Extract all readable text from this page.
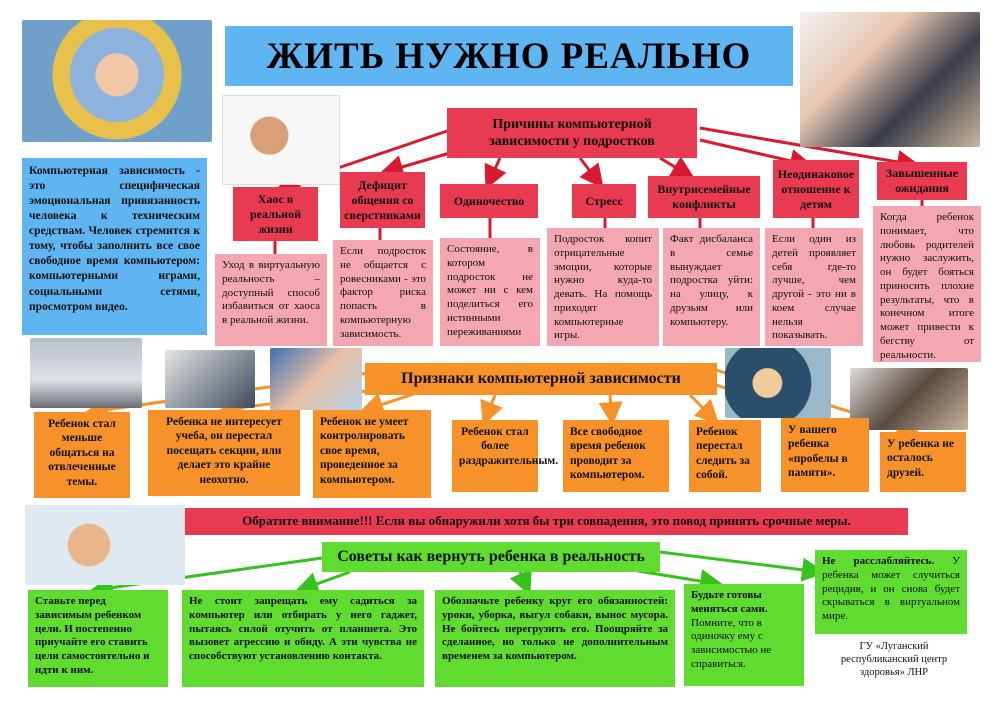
ЖИТЬ НУЖНО РЕАЛЬНО
Компьютерная зависимость - это специфическая эмоциональная привязанность человека к техническим средствам. Человек стремится к тому, чтобы заполнить все свое свободное время компьютером: компьютерными играми, социальными сетями, просмотром видео.
Причины компьютерной зависимости у подростков
Хаос в реальной жизни
Дефицит общения со сверстниками
Одиночество	Стресс
Внутрисемейные конфликты
Неодинаковое отношение к детям
Завышенные ожидания
Уход в виртуальную реальность – доступный способ избавиться от хаоса в реальной жизни.
Если подросток не общается с ровесниками - это фактор риска попасть в компьютерную зависимость.
Состояние, в котором подросток не может ни с кем поделиться его истинными переживаниями
Подросток копит отрицательные эмоции, которые нужно куда-то девать. На помощь приходят компьютерные игры.
Факт дисбаланса в семье вынуждает подростка уйти: на улицу, к друзьям или компьютеру.
Если один из детей проявляет себя где-то лучше, чем другой - это ни в коем случае нельзя показывать.
Когда ребенок понимает, что любовь родителей нужно заслужить, он будет бояться приносить плохие результаты, что в конечном итоге может привести к бегству от реальности.
Признаки компьютерной зависимости
Ребенок стал меньше общаться на отвлеченные темы.
Ребенка не интересует учеба, он перестал посещать секции, или делает это крайне неохотно.
Ребенок не умеет контролировать свое время, проведенное за компьютером.
Ребенок стал более раздражительным.
Все свободное время ребенок проводит за компьютером.
Ребенок перестал следить за собой.
У вашего ребенка «пробелы в памяти».
У ребенка не осталось друзей.
Обратите внимание!!! Если вы обнаружили хотя бы три совпадения, это повод принять срочные меры.
Советы как вернуть ребенка в реальность
Ставьте перед зависимым ребенком цели. И постепенно приучайте его ставить цели самостоятельно и идти к ним.
Не стоит запрещать ему садиться за компьютер или отбирать у него гаджет, пытаясь силой отучить от планшета. Это вызовет агрессию и обиду. А эти чувства не способствуют установлению контакта.
Обозначьте ребенку круг его обязанностей: уроки, уборка, выгул собаки, вынос мусора. Не бойтесь перегрузить его. Поощряйте за сделанное, но только не дополнительным временем за компьютером.
Будьте готовы меняться сами. Помните, что в одиночку ему с зависимостью не справиться.
Не расслабляйтесь. У ребенка может случиться рецидив, и он снова будет скрываться в виртуальном мире.
ГУ «Луганский республиканский центр здоровья» ЛНР
